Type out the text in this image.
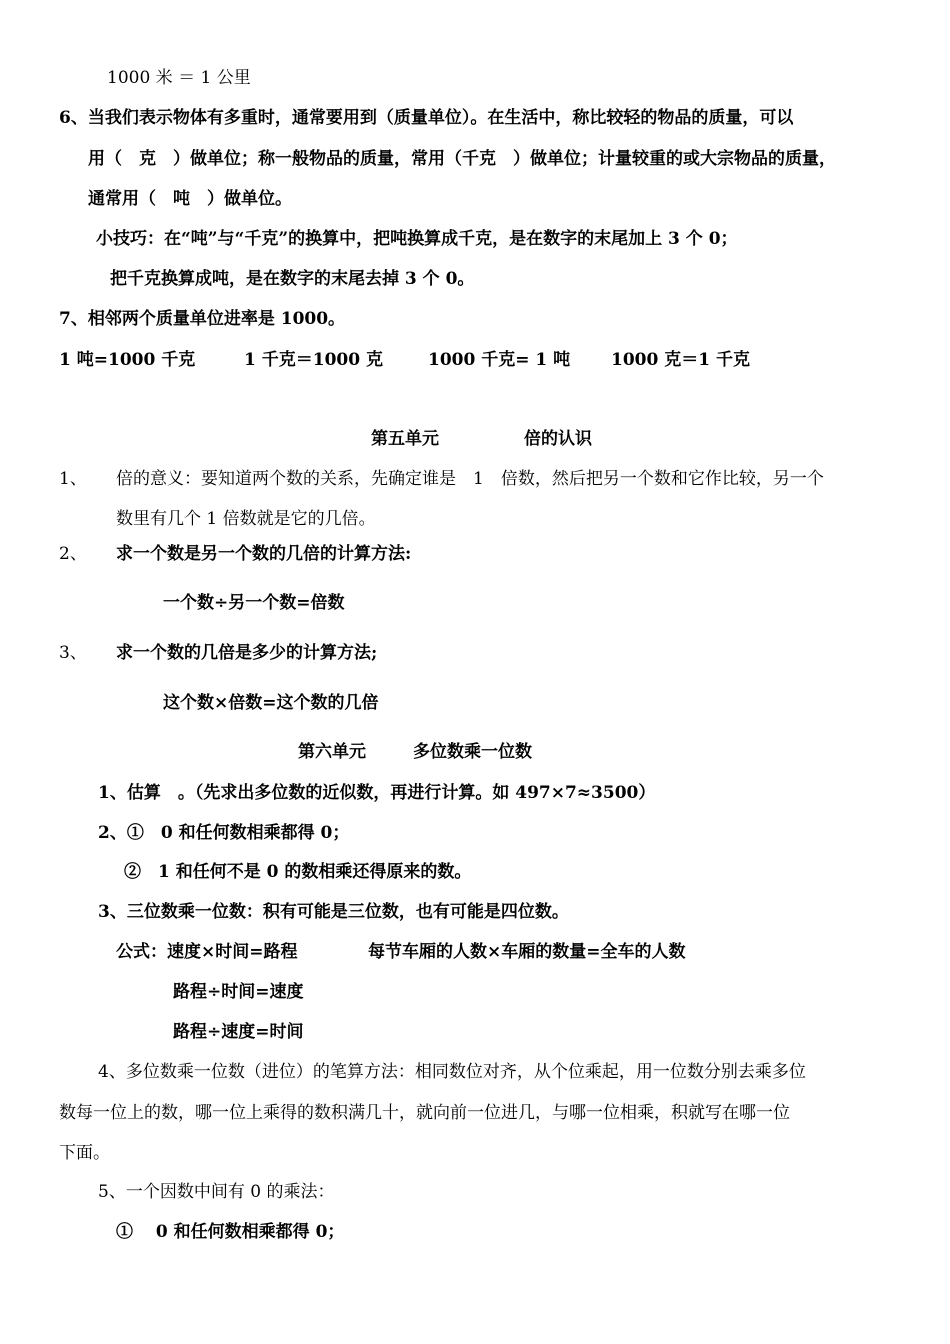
1000 米 ＝ 1 公里
6、当我们表示物体有多重时，通常要用到（质量单位）。在生活中，称比较轻的物品的质量，可以
用（　克　）做单位；称一般物品的质量，常用（千克　）做单位；计量较重的或大宗物品的质量，
通常用（　吨　）做单位。
小技巧：在“吨”与“千克”的换算中，把吨换算成千克，是在数字的末尾加上 3 个 0；
把千克换算成吨，是在数字的末尾去掉 3 个 0。
7、相邻两个质量单位进率是 1000。
1 吨=1000 千克	1 千克＝1000 克	1000 千克= 1 吨 1000 克＝1 千克
第五单元	倍的认识
1、 倍的意义：要知道两个数的关系，先确定谁是　1　倍数，然后把另一个数和它作比较，另一个
数里有几个 1 倍数就是它的几倍。
2、 求一个数是另一个数的几倍的计算方法:
一个数÷另一个数=倍数
3、 求一个数的几倍是多少的计算方法;
这个数×倍数=这个数的几倍
第六单元	多位数乘一位数
1、估算　。（先求出多位数的近似数，再进行计算。如 497×7≈3500）
2、①　0 和任何数相乘都得 0；
②　1 和任何不是 0 的数相乘还得原来的数。
3、三位数乘一位数：积有可能是三位数，也有可能是四位数。
公式：速度×时间=路程	每节车厢的人数×车厢的数量=全车的人数
路程÷时间=速度
路程÷速度=时间
4、多位数乘一位数（进位）的笔算方法：相同数位对齐，从个位乘起，用一位数分别去乘多位
数每一位上的数，哪一位上乘得的数积满几十，就向前一位进几，与哪一位相乘，积就写在哪一位
下面。
5、一个因数中间有 0 的乘法：
①　 0 和任何数相乘都得 0；
